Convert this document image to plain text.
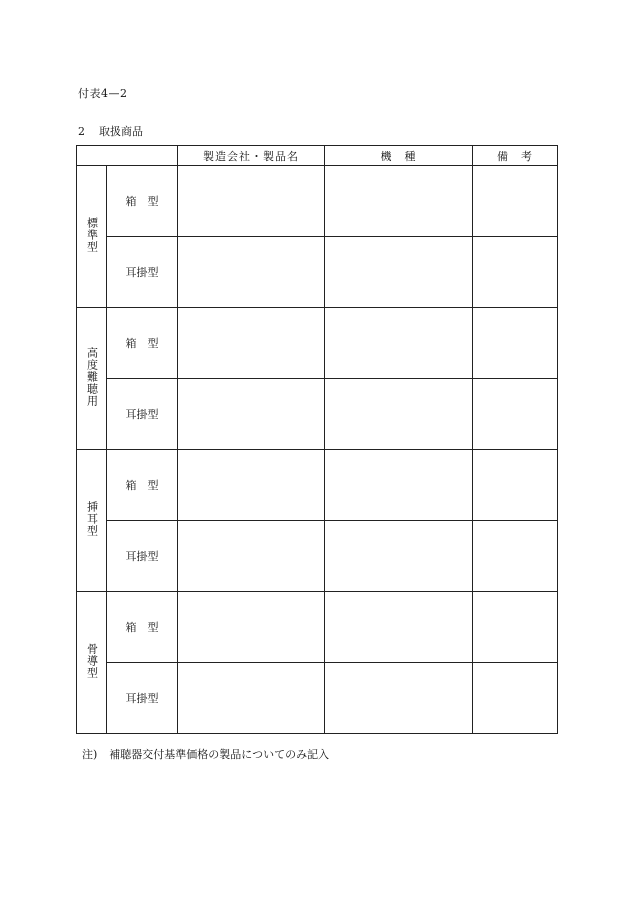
付表4—2
2 取扱商品
		製造会社・製品名	機　種	備　考
標準型	箱　型			
	耳掛型			
高度難聴用	箱　型			
	耳掛型			
挿耳型	箱　型			
	耳掛型			
骨導型	箱　型			
	耳掛型			
注) 補聴器交付基準価格の製品についてのみ記入
